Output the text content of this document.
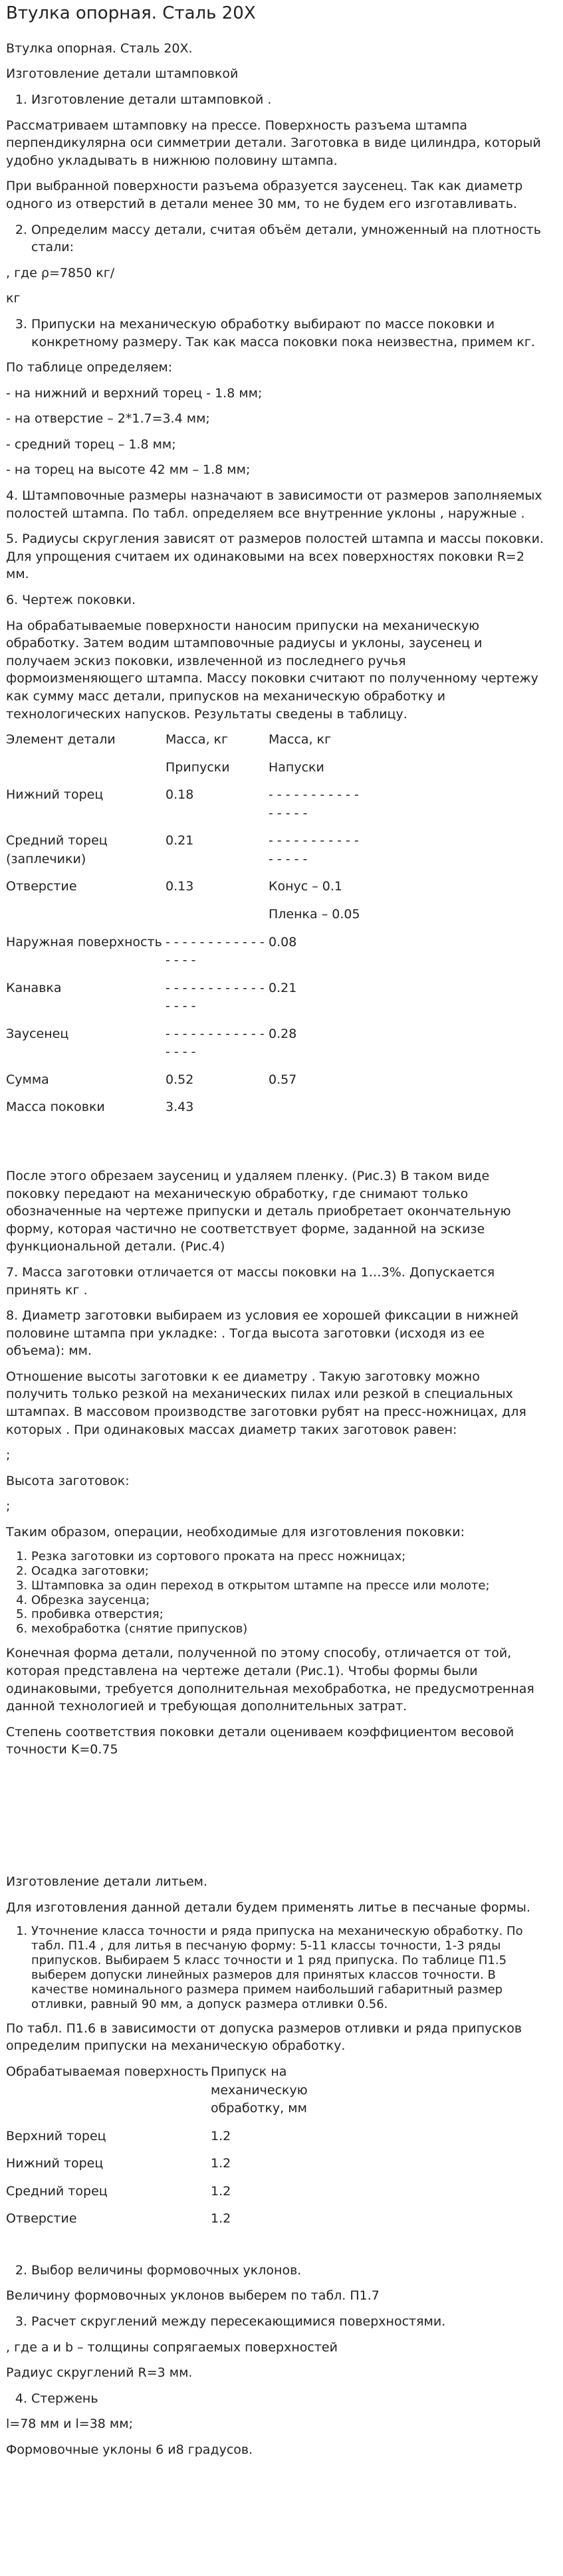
Втулка опорная. Сталь 20Х

Втулка опорная. Сталь 20Х.

Изготовление детали штамповкой

1. Изготовление детали штамповкой .

Рассматриваем штамповку на прессе. Поверхность разъема штампа перпендикулярна оси симметрии детали. Заготовка в виде цилиндра, который удобно укладывать в нижнюю половину штампа.

При выбранной поверхности разъема образуется заусенец. Так как диаметр одного из отверстий в детали менее 30 мм, то не будем его изготавливать.

2. Определим массу детали, считая объём детали, умноженный на плотность стали:

, где ρ=7850 кг/

кг

3. Припуски на механическую обработку выбирают по массе поковки и конкретному размеру. Так как масса поковки пока неизвестна, примем кг.

По таблице определяем:

- на нижний и верхний торец - 1.8 мм;

- на отверстие – 2*1.7=3.4 мм;

- средний торец – 1.8 мм;

- на торец на высоте 42 мм – 1.8 мм;

4. Штамповочные размеры назначают в зависимости от размеров заполняемых полостей штампа. По табл. определяем все внутренние уклоны , наружные .

5. Радиусы скругления зависят от размеров полостей штампа и массы поковки. Для упрощения считаем их одинаковыми на всех поверхностях поковки R=2 мм.

6. Чертеж поковки.

На обрабатываемые поверхности наносим припуски на механическую обработку. Затем водим штамповочные радиусы и уклоны, заусенец и получаем эскиз поковки, извлеченной из последнего ручья формоизменяющего штампа. Массу поковки считают по полученному чертежу как сумму масс детали, припусков на механическую обработку и технологических напусков. Результаты сведены в таблицу.

Элемент детали	Масса, кг	Масса, кг
	Припуски	Напуски
Нижний торец	0.18	- - - - - - - - - - - - - - - -
Средний торец (заплечики)	0.21	- - - - - - - - - - - - - - - -
Отверстие	0.13	Конус – 0.1
		Пленка – 0.05
Наружная поверхность	- - - - - - - - - - - - - - - -	0.08
Канавка	- - - - - - - - - - - - - - - -	0.21
Заусенец	- - - - - - - - - - - - - - - -	0.28
Сумма	0.52	0.57
Масса поковки	3.43	

После этого обрезаем заусениц и удаляем пленку. (Рис.3) В таком виде поковку передают на механическую обработку, где снимают только обозначенные на чертеже припуски и деталь приобретает окончательную форму, которая частично не соответствует форме, заданной на эскизе функциональной детали. (Рис.4)

7. Масса заготовки отличается от массы поковки на 1…3%. Допускается принять кг .

8. Диаметр заготовки выбираем из условия ее хорошей фиксации в нижней половине штампа при укладке: . Тогда высота заготовки (исходя из ее объема): мм.

Отношение высоты заготовки к ее диаметру . Такую заготовку можно получить только резкой на механических пилах или резкой в специальных штампах. В массовом производстве заготовки рубят на пресс-ножницах, для которых . При одинаковых массах диаметр таких заготовок равен:

;

Высота заготовок:

;

Таким образом, операции, необходимые для изготовления поковки:

1. Резка заготовки из сортового проката на пресс ножницах;
2. Осадка заготовки;
3. Штамповка за один переход в открытом штампе на прессе или молоте;
4. Обрезка заусенца;
5. пробивка отверстия;
6. мехобработка (снятие припусков)

Конечная форма детали, полученной по этому способу, отличается от той, которая представлена на чертеже детали (Рис.1). Чтобы формы были одинаковыми, требуется дополнительная мехобработка, не предусмотренная данной технологией и требующая дополнительных затрат.

Степень соответствия поковки детали оцениваем коэффициентом весовой точности K=0.75

Изготовление детали литьем.

Для изготовления данной детали будем применять литье в песчаные формы.

1. Уточнение класса точности и ряда припуска на механическую обработку. По табл. П1.4 , для литья в песчаную форму: 5-11 классы точности, 1-3 ряды припусков. Выбираем 5 класс точности и 1 ряд припуска. По таблице П1.5 выберем допуски линейных размеров для принятых классов точности. В качестве номинального размера примем наибольший габаритный размер отливки, равный 90 мм, а допуск размера отливки 0.56.

По табл. П1.6 в зависимости от допуска размеров отливки и ряда припусков определим припуски на механическую обработку.

Обрабатываемая поверхность	Припуск на механическую обработку, мм
Верхний торец	1.2
Нижний торец	1.2
Средний торец	1.2
Отверстие	1.2
2. Выбор величины формовочных уклонов.

Величину формовочных уклонов выберем по табл. П1.7

3. Расчет скруглений между пересекающимися поверхностями.

, где a и b – толщины сопрягаемых поверхностей

Радиус скруглений R=3 мм.

4. Стержень

l=78 мм и l=38 мм;

Формовочные уклоны 6 и8 градусов.
